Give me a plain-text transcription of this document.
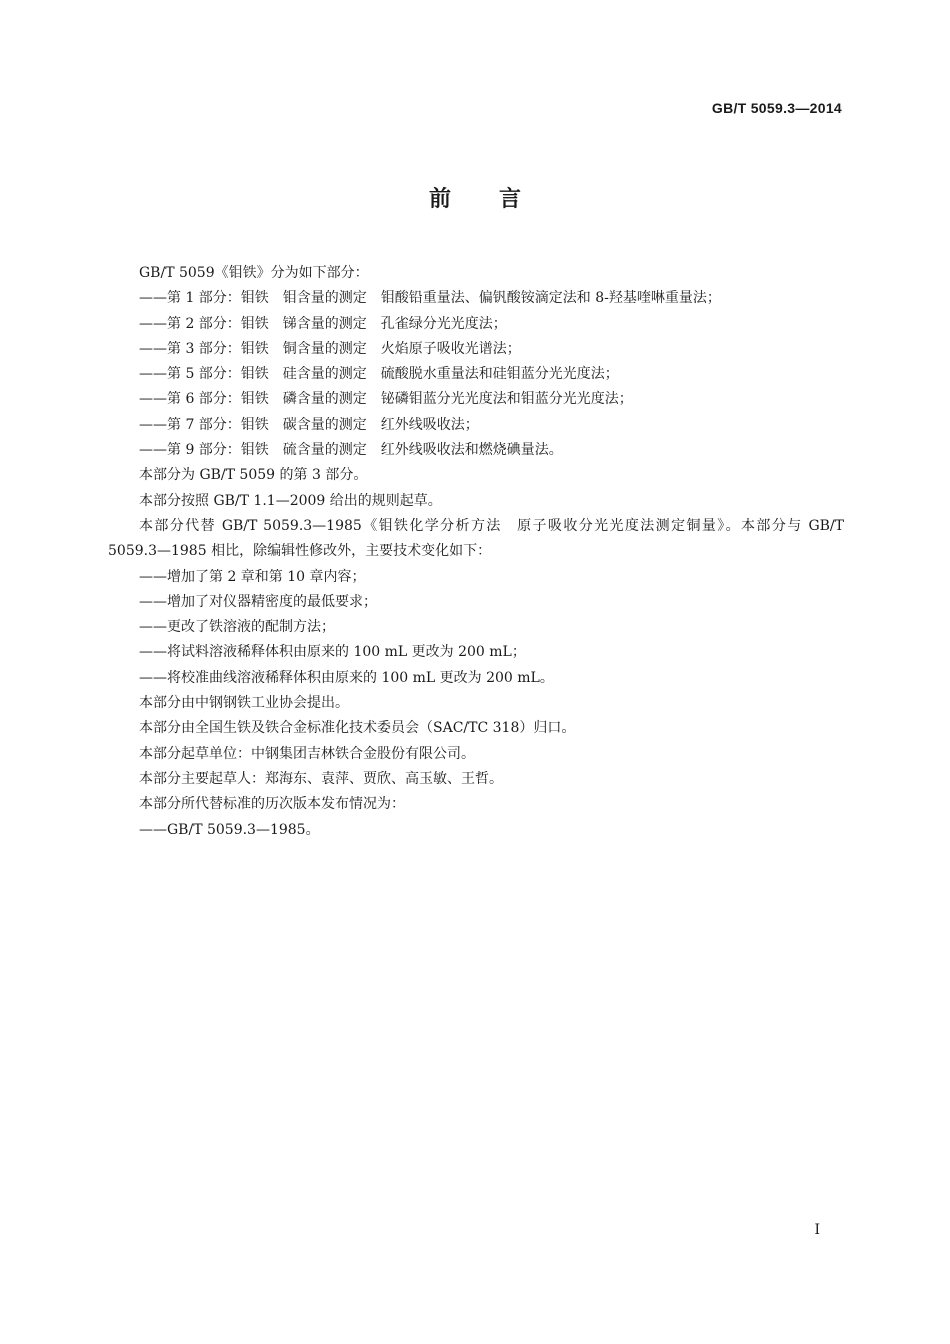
GB/T 5059.3—2014
前言

GB/T 5059《钼铁》分为如下部分：

——第 1 部分：钼铁　钼含量的测定　钼酸铅重量法、偏钒酸铵滴定法和 8-羟基喹啉重量法；

——第 2 部分：钼铁　锑含量的测定　孔雀绿分光光度法；

——第 3 部分：钼铁　铜含量的测定　火焰原子吸收光谱法；

——第 5 部分：钼铁　硅含量的测定　硫酸脱水重量法和硅钼蓝分光光度法；

——第 6 部分：钼铁　磷含量的测定　铋磷钼蓝分光光度法和钼蓝分光光度法；

——第 7 部分：钼铁　碳含量的测定　红外线吸收法；

——第 9 部分：钼铁　硫含量的测定　红外线吸收法和燃烧碘量法。

本部分为 GB/T 5059 的第 3 部分。

本部分按照 GB/T 1.1—2009 给出的规则起草。

本部分代替 GB/T 5059.3—1985《钼铁化学分析方法　原子吸收分光光度法测定铜量》。本部分与 GB/T 5059.3—1985 相比，除编辑性修改外，主要技术变化如下：

——增加了第 2 章和第 10 章内容；

——增加了对仪器精密度的最低要求；

——更改了铁溶液的配制方法；

——将试料溶液稀释体积由原来的 100 mL 更改为 200 mL；

——将校准曲线溶液稀释体积由原来的 100 mL 更改为 200 mL。

本部分由中钢钢铁工业协会提出。

本部分由全国生铁及铁合金标准化技术委员会（SAC/TC 318）归口。

本部分起草单位：中钢集团吉林铁合金股份有限公司。

本部分主要起草人：郑海东、袁萍、贾欣、高玉敏、王哲。

本部分所代替标准的历次版本发布情况为：

——GB/T 5059.3—1985。

I
